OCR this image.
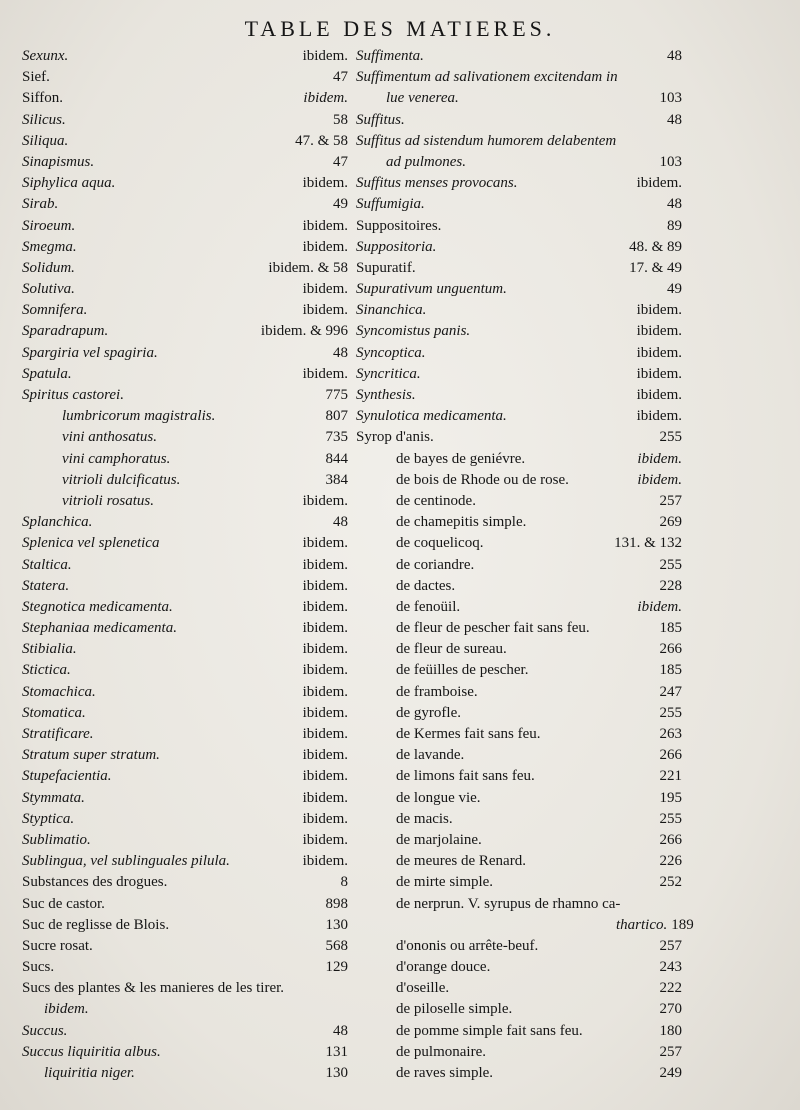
TABLE DES MATIERES.
Sexunx.	ibidem.
Sief.	47
Siffon.	ibidem.
Silicus.	58
Siliqua.	47. & 58
Sinapismus.	47
Siphylica aqua.	ibidem.
Sirab.	49
Siroeum.	ibidem.
Smegma.	ibidem.
Solidum.	ibidem. & 58
Solutiva.	ibidem.
Somnifera.	ibidem.
Sparadrapum.	ibidem. & 996
Spargiria vel spagiria.	48
Spatula.	ibidem.
Spiritus castorei.	775
lumbricorum magistralis.	807
vini anthosatus.	735
vini camphoratus.	844
vitrioli dulcificatus.	384
vitrioli rosatus.	ibidem.
Splanchica.	48
Splenica vel splenetica	ibidem.
Staltica.	ibidem.
Statera.	ibidem.
Stegnotica medicamenta.	ibidem.
Stephaniaa medicamenta.	ibidem.
Stibialia.	ibidem.
Stictica.	ibidem.
Stomachica.	ibidem.
Stomatica.	ibidem.
Stratificare.	ibidem.
Stratum super stratum.	ibidem.
Stupefacientia.	ibidem.
Stymmata.	ibidem.
Styptica.	ibidem.
Sublimatio.	ibidem.
Sublingua, vel sublinguales pilula.	ibidem.
Substances des drogues.	8
Suc de castor.	898
Suc de reglisse de Blois.	130
Sucre rosat.	568
Sucs.	129
Sucs des plantes & les manieres de les tirer.
ibidem.
Succus.	48
Succus liquiritia albus.	131
liquiritia niger.	130
Suffimenta.	48
Suffimentum ad salivationem excitendam in
lue venerea.	103
Suffitus.	48
Suffitus ad sistendum humorem delabentem
ad pulmones.	103
Suffitus menses provocans.	ibidem.
Suffumigia.	48
Suppositoires.	89
Suppositoria.	48. & 89
Supuratif.	17. & 49
Supurativum unguentum.	49
Sinanchica.	ibidem.
Syncomistus panis.	ibidem.
Syncoptica.	ibidem.
Syncritica.	ibidem.
Synthesis.	ibidem.
Synulotica medicamenta.	ibidem.
Syrop d'anis.	255
de bayes de geniévre.	ibidem.
de bois de Rhode ou de rose.	ibidem.
de centinode.	257
de chamepitis simple.	269
de coquelicoq.	131. & 132
de coriandre.	255
de dactes.	228
de fenoüil.	ibidem.
de fleur de pescher fait sans feu.	185
de fleur de sureau.	266
de feüilles de pescher.	185
de framboise.	247
de gyrofle.	255
de Kermes fait sans feu.	263
de lavande.	266
de limons fait sans feu.	221
de longue vie.	195
de macis.	255
de marjolaine.	266
de meures de Renard.	226
de mirte simple.	252
de nerprun. V. syrupus de rhamno ca-
thartico. 189
d'ononis ou arrête-beuf.	257
d'orange douce.	243
d'oseille.	222
de piloselle simple.	270
de pomme simple fait sans feu.	180
de pulmonaire.	257
de raves simple.	249
